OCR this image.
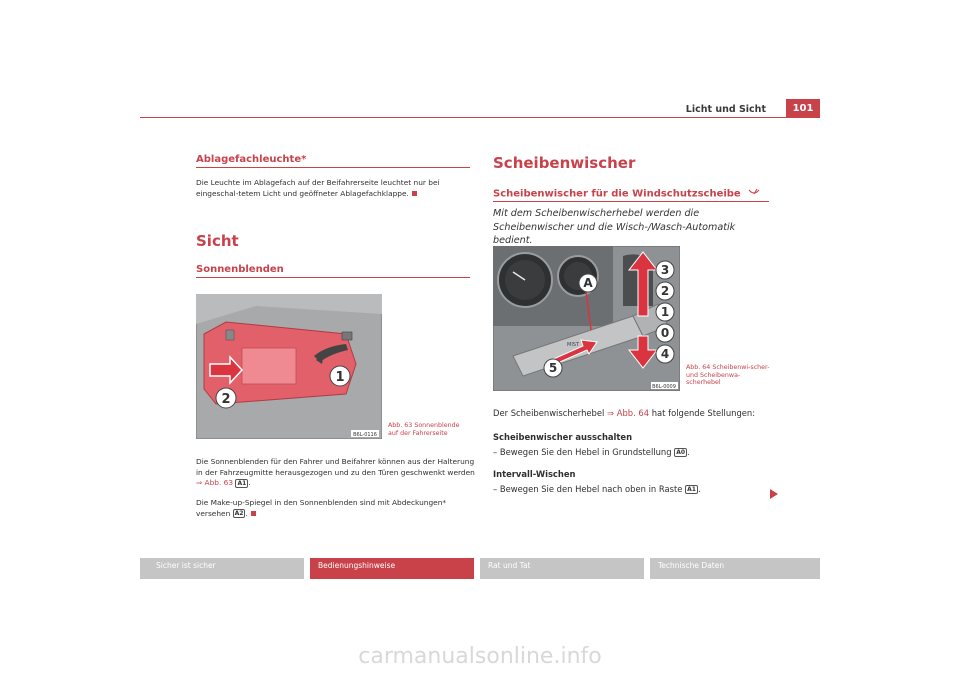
Licht und Sicht	101
Ablagefachleuchte*
Die Leuchte im Ablagefach auf der Beifahrerseite leuchtet nur bei eingeschal-tetem Licht und geöffneter Ablagefachklappe.
Sicht
Sonnenblenden
2
1
B6L-0116
Abb. 63 Sonnenblende auf der Fahrerseite
Die Sonnenblenden für den Fahrer und Beifahrer können aus der Halterung in der Fahrzeugmitte herausgezogen und zu den Türen geschwenkt werden
⇒ Abb. 63 A1 .
Die Make-up-Spiegel in den Sonnenblenden sind mit Abdeckungen* versehen A2 .
Scheibenwischer
Scheibenwischer für die Windschutzscheibe
Mit dem Scheibenwischerhebel werden die Scheibenwischer und die Wisch-/Wasch-Automatik bedient.
MIST
A
5
3
2
1
0
4
B6L-0009
Abb. 64 Scheibenwi-scher- und Scheibenwa-scherhebel
Der Scheibenwischerhebel ⇒ Abb. 64 hat folgende Stellungen:
Scheibenwischer ausschalten
– Bewegen Sie den Hebel in Grundstellung A0 .
Intervall-Wischen
– Bewegen Sie den Hebel nach oben in Raste A1 .
Sicher ist sicher	Bedienungshinweise	Rat und Tat	Technische Daten
carmanualsonline.info
